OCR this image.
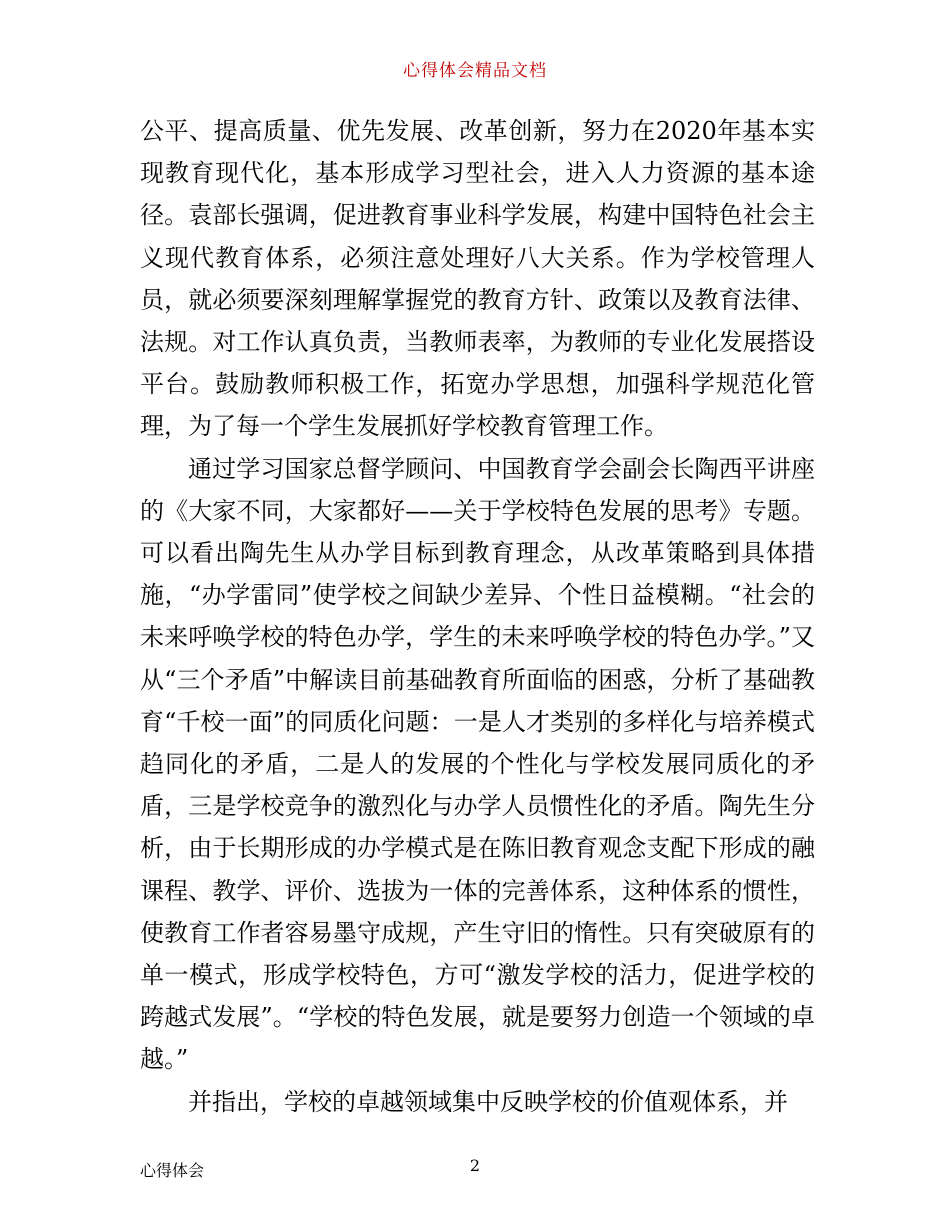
心得体会精品文档

公平、提高质量、优先发展、改革创新，努力在2020年基本实现教育现代化，基本形成学习型社会，进入人力资源的基本途径。袁部长强调，促进教育事业科学发展，构建中国特色社会主义现代教育体系，必须注意处理好八大关系。作为学校管理人员，就必须要深刻理解掌握党的教育方针、政策以及教育法律、法规。对工作认真负责，当教师表率，为教师的专业化发展搭设平台。鼓励教师积极工作，拓宽办学思想，加强科学规范化管理，为了每一个学生发展抓好学校教育管理工作。

通过学习国家总督学顾问、中国教育学会副会长陶西平讲座的《大家不同，大家都好——关于学校特色发展的思考》专题。可以看出陶先生从办学目标到教育理念，从改革策略到具体措施，“办学雷同”使学校之间缺少差异、个性日益模糊。“社会的未来呼唤学校的特色办学，学生的未来呼唤学校的特色办学。”又从“三个矛盾”中解读目前基础教育所面临的困惑，分析了基础教育“千校一面”的同质化问题：一是人才类别的多样化与培养模式趋同化的矛盾，二是人的发展的个性化与学校发展同质化的矛盾，三是学校竞争的激烈化与办学人员惯性化的矛盾。陶先生分析，由于长期形成的办学模式是在陈旧教育观念支配下形成的融课程、教学、评价、选拔为一体的完善体系，这种体系的惯性，使教育工作者容易墨守成规，产生守旧的惰性。只有突破原有的单一模式，形成学校特色，方可“激发学校的活力，促进学校的跨越式发展”。“学校的特色发展，就是要努力创造一个领域的卓越。”

并指出，学校的卓越领域集中反映学校的价值观体系，并

心得体会	2
